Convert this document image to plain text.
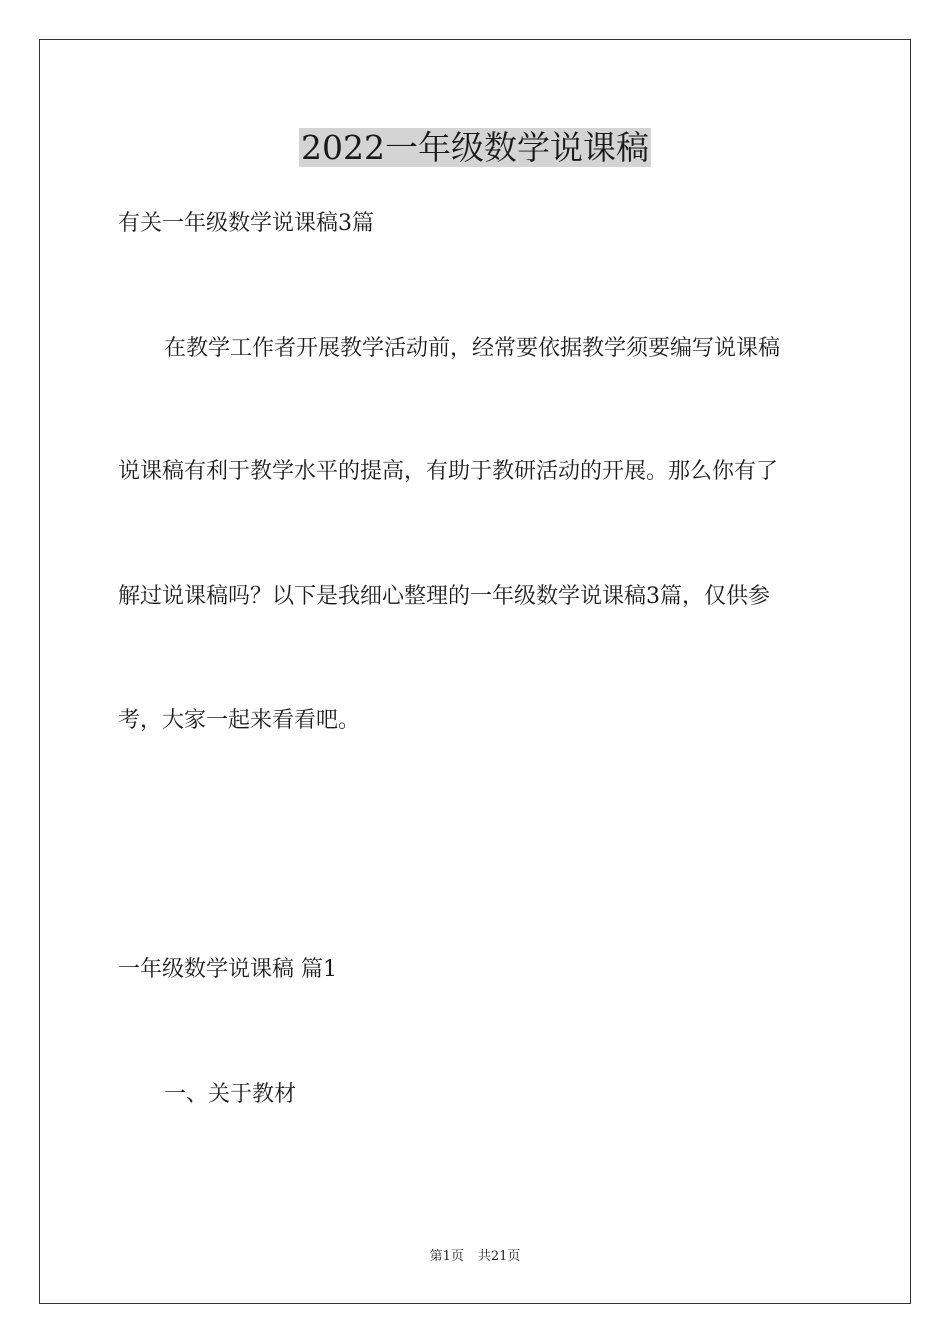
2022一年级数学说课稿

有关一年级数学说课稿3篇

在教学工作者开展教学活动前，经常要依据教学须要编写说课稿

说课稿有利于教学水平的提高，有助于教研活动的开展。那么你有了

解过说课稿吗？以下是我细心整理的一年级数学说课稿3篇，仅供参

考，大家一起来看看吧。

一年级数学说课稿 篇1

一、关于教材

第1页 共21页
